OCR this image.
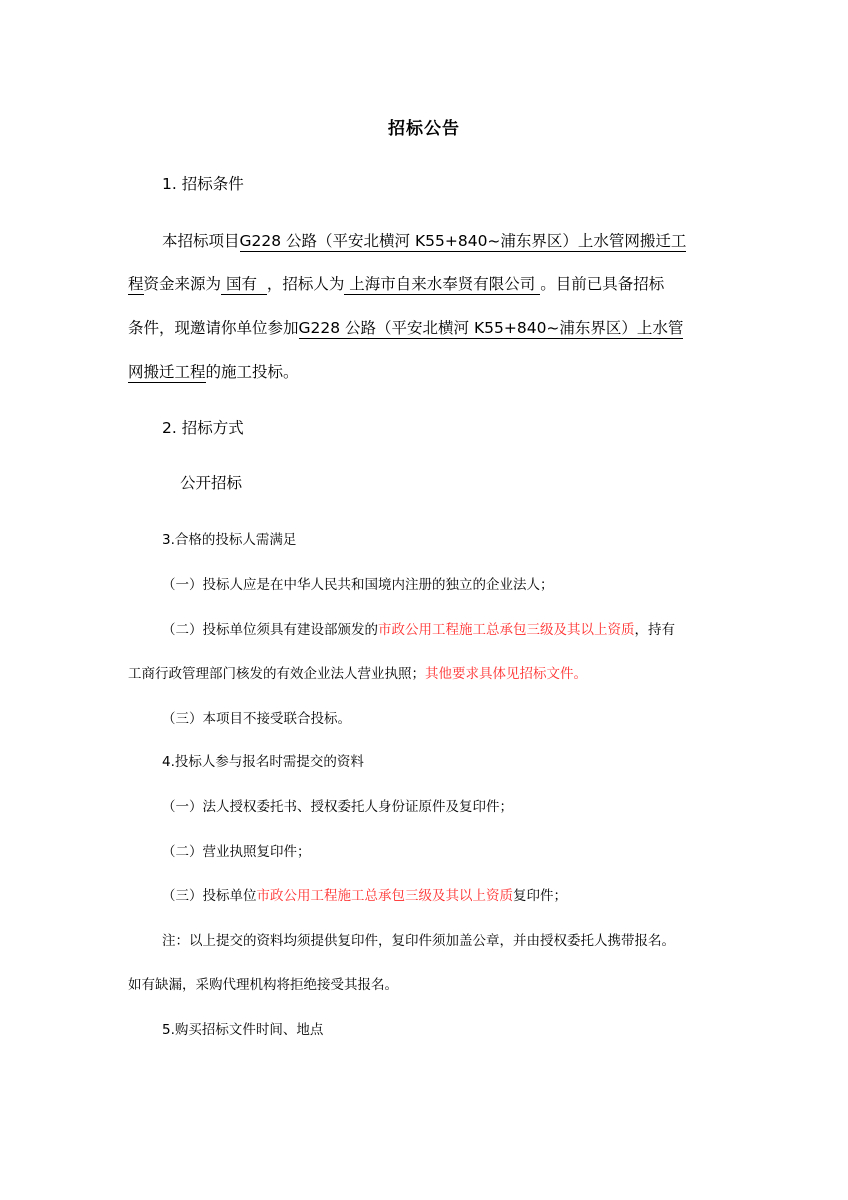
招标公告
1. 招标条件
本招标项目G228 公路（平安北横河 K55+840~浦东界区）上水管网搬迁工
程资金来源为 国有 ，招标人为 上海市自来水奉贤有限公司 。目前已具备招标
条件，现邀请你单位参加G228 公路（平安北横河 K55+840~浦东界区）上水管
网搬迁工程的施工投标。
2. 招标方式
公开招标
3.合格的投标人需满足
（一）投标人应是在中华人民共和国境内注册的独立的企业法人；
（二）投标单位须具有建设部颁发的市政公用工程施工总承包三级及其以上资质，持有
工商行政管理部门核发的有效企业法人营业执照；其他要求具体见招标文件。
（三）本项目不接受联合投标。
4.投标人参与报名时需提交的资料
（一）法人授权委托书、授权委托人身份证原件及复印件；
（二）营业执照复印件；
（三）投标单位市政公用工程施工总承包三级及其以上资质复印件；
注：以上提交的资料均须提供复印件，复印件须加盖公章，并由授权委托人携带报名。
如有缺漏，采购代理机构将拒绝接受其报名。
5.购买招标文件时间、地点
